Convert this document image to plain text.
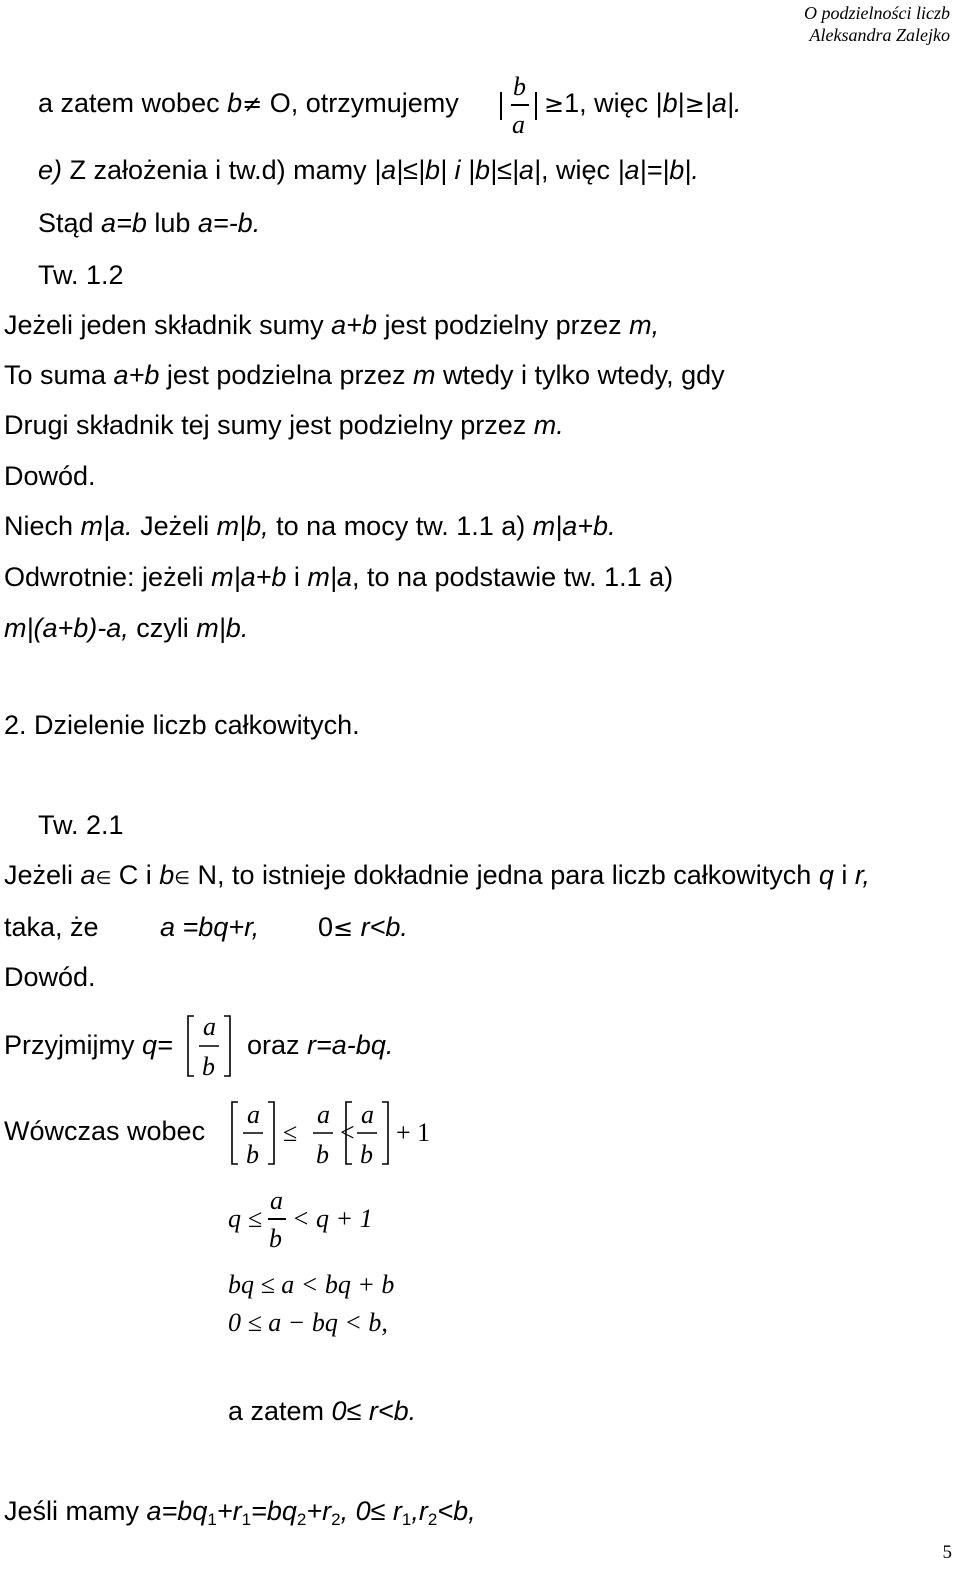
O podzielności liczb
Aleksandra Zalejko
a zatem wobec b≠ O, otrzymujemy
b
a
≥1, więc |b|≥|a|.
e) Z założenia i tw.d) mamy |a|≤|b| i |b|≤|a|, więc |a|=|b|.
Stąd a=b lub a=-b.
Tw. 1.2
Jeżeli jeden składnik sumy a+b jest podzielny przez m,
To suma a+b jest podzielna przez m wtedy i tylko wtedy, gdy
Drugi składnik tej sumy jest podzielny przez m.
Dowód.
Niech m|a. Jeżeli m|b, to na mocy tw. 1.1 a) m|a+b.
Odwrotnie: jeżeli m|a+b i m|a, to na podstawie tw. 1.1 a)
m|(a+b)-a, czyli m|b.
2. Dzielenie liczb całkowitych.
Tw. 2.1
Jeżeli a∈ C i b∈ N, to istnieje dokładnie jedna para liczb całkowitych q i r,
taka, że a =bq+r, 0≤ r<b.
Dowód.
Przyjmijmy q=
a
b
oraz r=a-bq.
Wówczas wobec
a
b
≤
a
b
<
a
b
+ 1
q ≤
a
b
< q + 1
bq ≤ a < bq + b
0 ≤ a − bq < b,
a zatem 0≤ r<b.
Jeśli mamy $a=bq_1+r_1=bq_2+r_2$, $0\le r_1,r_2<b$,
5
